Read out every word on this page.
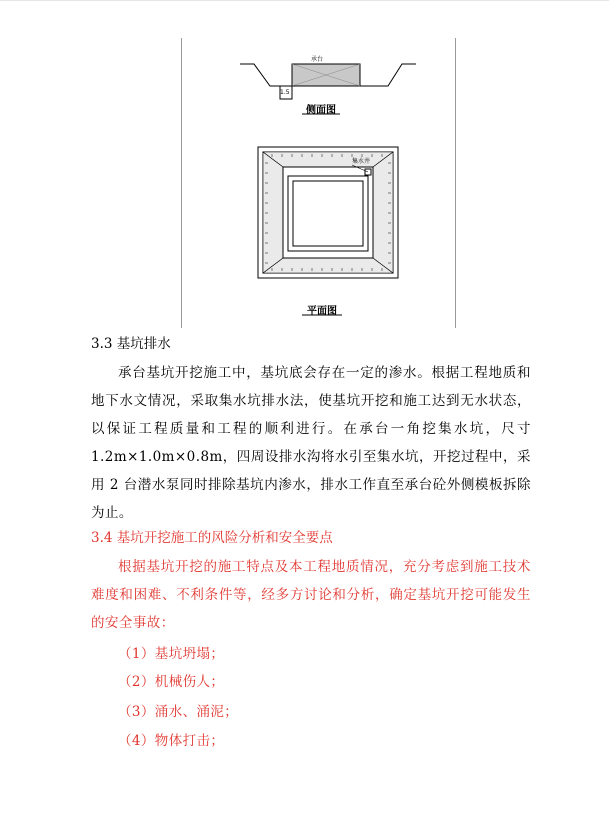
承台
1.5
侧面图
集水井
平面图
3.3 基坑排水
承台基坑开挖施工中，基坑底会存在一定的渗水。根据工程地质和地下水文情况，采取集水坑排水法，使基坑开挖和施工达到无水状态，以保证工程质量和工程的顺利进行。在承台一角挖集水坑，尺寸1.2m×1.0m×0.8m，四周设排水沟将水引至集水坑，开挖过程中，采用 2 台潜水泵同时排除基坑内渗水，排水工作直至承台砼外侧模板拆除为止。
3.4 基坑开挖施工的风险分析和安全要点
根据基坑开挖的施工特点及本工程地质情况，充分考虑到施工技术难度和困难、不利条件等，经多方讨论和分析，确定基坑开挖可能发生的安全事故：
（1）基坑坍塌；
（2）机械伤人；
（3）涌水、涌泥；
（4）物体打击；
